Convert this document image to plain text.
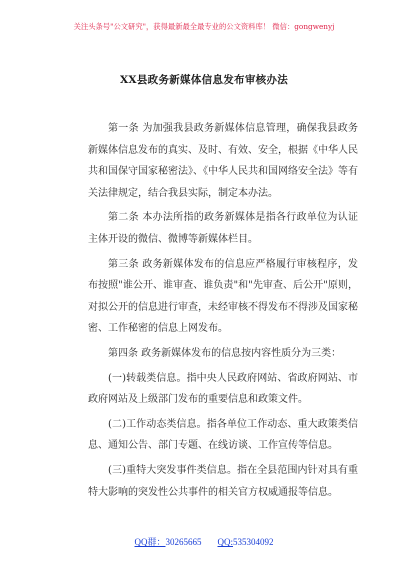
关注头条号"公文研究"，获得最新最全最专业的公文资料库！ 微信：gongwenyj
XX县政务新媒体信息发布审核办法

第一条 为加强我县政务新媒体信息管理，确保我县政务新媒体信息发布的真实、及时、有效、安全，根据《中华人民共和国保守国家秘密法》、《中华人民共和国网络安全法》等有关法律规定，结合我县实际，制定本办法。

第二条 本办法所指的政务新媒体是指各行政单位为认证主体开设的微信、微博等新媒体栏目。

第三条 政务新媒体发布的信息应严格履行审核程序，发布按照"谁公开、谁审查、谁负责"和"先审查、后公开"原则，对拟公开的信息进行审查，未经审核不得发布不得涉及国家秘密、工作秘密的信息上网发布。

第四条 政务新媒体发布的信息按内容性质分为三类：

(一)转载类信息。指中央人民政府网站、省政府网站、市政府网站及上级部门发布的重要信息和政策文件。

(二)工作动态类信息。指各单位工作动态、重大政策类信息、通知公告、部门专题、在线访谈、工作宣传等信息。

(三)重特大突发事件类信息。指在全县范围内针对具有重特大影响的突发性公共事件的相关官方权威通报等信息。

QQ群：30265665 QQ:535304092
